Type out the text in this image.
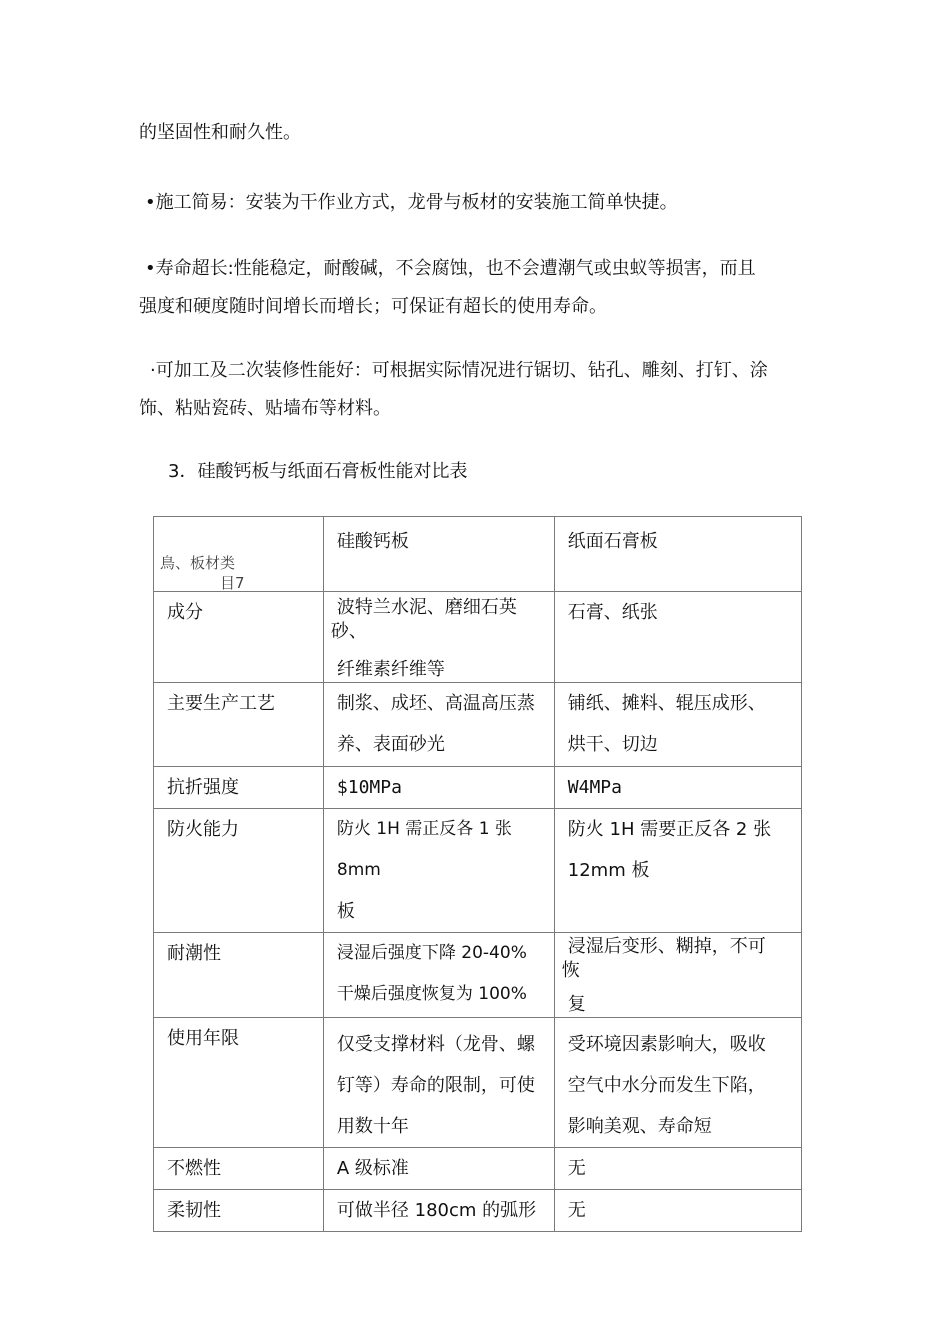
的坚固性和耐久性。

•施工简易：安装为干作业方式，龙骨与板材的安装施工简单快捷。

•寿命超长:性能稳定，耐酸碱，不会腐蚀，也不会遭潮气或虫蚁等损害，而且
强度和硬度随时间增长而增长；可保证有超长的使用寿命。

·可加工及二次装修性能好：可根据实际情况进行锯切、钻孔、雕刻、打钉、涂
饰、粘贴瓷砖、贴墙布等材料。

3．硅酸钙板与纸面石膏板性能对比表

鳥、板材类
目7	硅酸钙板	纸面石膏板

成分	波特兰水泥、磨细石英
砂、
纤维素纤维等	石膏、纸张
主要生产工艺	制浆、成坯、高温高压蒸
养、表面砂光	铺纸、摊料、辊压成形、
烘干、切边

抗折强度	$10MPa	W4MPa
防火能力	防火 1H 需正反各 1 张 8mm
板	防火 1H 需要正反各 2 张
12mm 板

耐潮性	浸湿后强度下降 20-40%
干燥后强度恢复为 100%	浸湿后变形、糊掉，不可
恢
复

使用年限	仅受支撑材料（龙骨、螺
钉等）寿命的限制，可使
用数十年	受环境因素影响大，吸收
空气中水分而发生下陷，
影响美观、寿命短

不燃性	A 级标准	无
柔韧性	可做半径 180cm 的弧形	无
